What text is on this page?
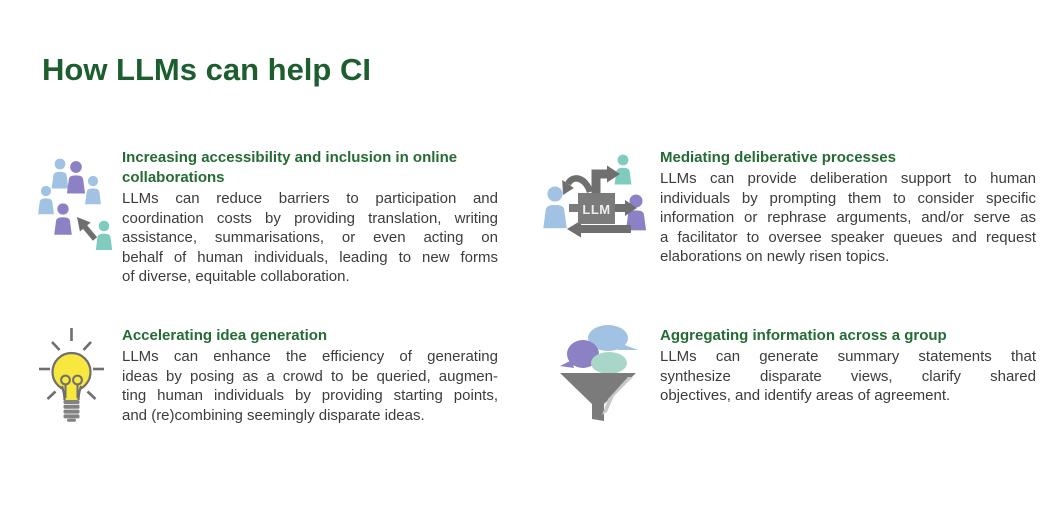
How LLMs can help CI
Increasing accessibility and inclusion in online collaborations
LLMs can reduce barriers to participation and
coordination costs by providing translation, writing
assistance, summarisations, or even acting on
behalf of human individuals, leading to new forms
of diverse, equitable collaboration.
LLM
Mediating deliberative processes
LLMs can provide deliberation support to human
individuals by prompting them to consider specific
information or rephrase arguments, and/or serve as
a facilitator to oversee speaker queues and request
elaborations on newly risen topics.
Accelerating idea generation
LLMs can enhance the efficiency of generating
ideas by posing as a crowd to be queried, augmen-
ting human individuals by providing starting points,
and (re)combining seemingly disparate ideas.
Aggregating information across a group
LLMs can generate summary statements that
synthesize disparate views, clarify shared
objectives, and identify areas of agreement.
